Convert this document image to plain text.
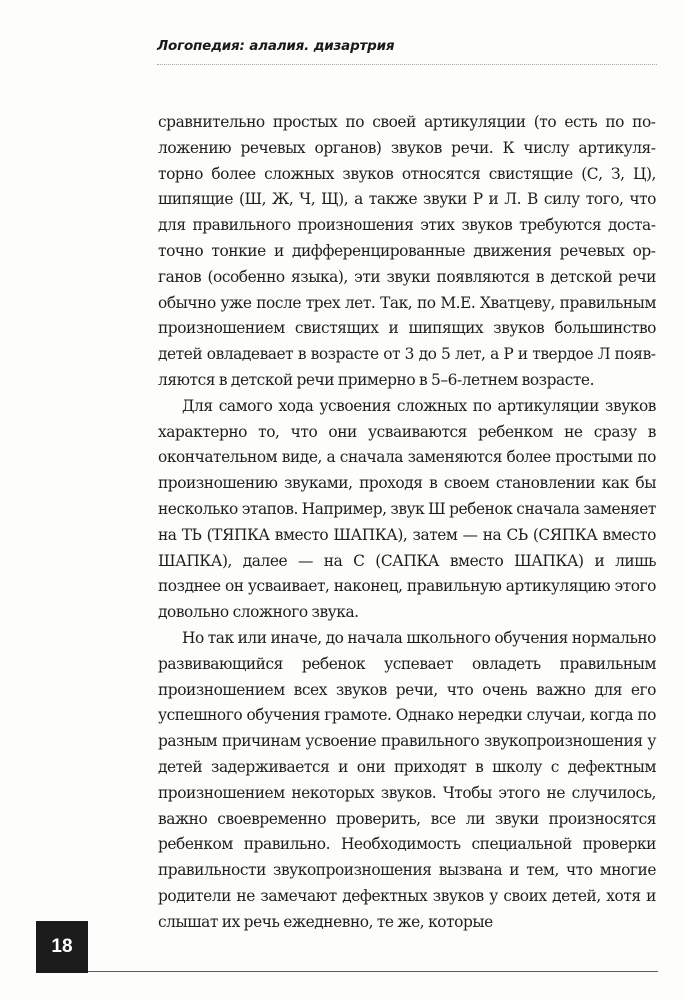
Логопедия: алалия. дизартрия

сравнительно простых по своей артикуляции (то есть по положению речевых органов) звуков речи. К числу артикуляторно более сложных звуков относятся свистящие (С, З, Ц), шипящие (Ш, Ж, Ч, Щ), а также звуки Р и Л. В силу того, что для правильного произношения этих звуков требуются достаточно тонкие и дифференцированные движения речевых органов (особенно языка), эти звуки появляются в детской речи обычно уже после трех лет. Так, по М.Е. Хватцеву, правильным произношением свистящих и шипящих звуков большинство детей овладевает в возрасте от 3 до 5 лет, а Р и твердое Л появляются в детской речи примерно в 5–6-летнем возрасте.

Для самого хода усвоения сложных по артикуляции звуков характерно то, что они усваиваются ребенком не сразу в окончательном виде, а сначала заменяются более простыми по произношению звуками, проходя в своем становлении как бы несколько этапов. Например, звук Ш ребенок сначала заменяет на ТЬ (ТЯПКА вместо ШАПКА), затем — на СЬ (СЯПКА вместо ШАПКА), далее — на С (САПКА вместо ШАПКА) и лишь позднее он усваивает, наконец, правильную артикуляцию этого довольно сложного звука.

Но так или иначе, до начала школьного обучения нормально развивающийся ребенок успевает овладеть правильным произношением всех звуков речи, что очень важно для его успешного обучения грамоте. Однако нередки случаи, когда по разным причинам усвоение правильного звукопроизношения у детей задерживается и они приходят в школу с дефектным произношением некоторых звуков. Чтобы этого не случилось, важно своевременно проверить, все ли звуки произносятся ребенком правильно. Необходимость специальной проверки правильности звукопроизношения вызвана и тем, что многие родители не замечают дефектных звуков у своих детей, хотя и слышат их речь ежедневно, те же, которые

18
